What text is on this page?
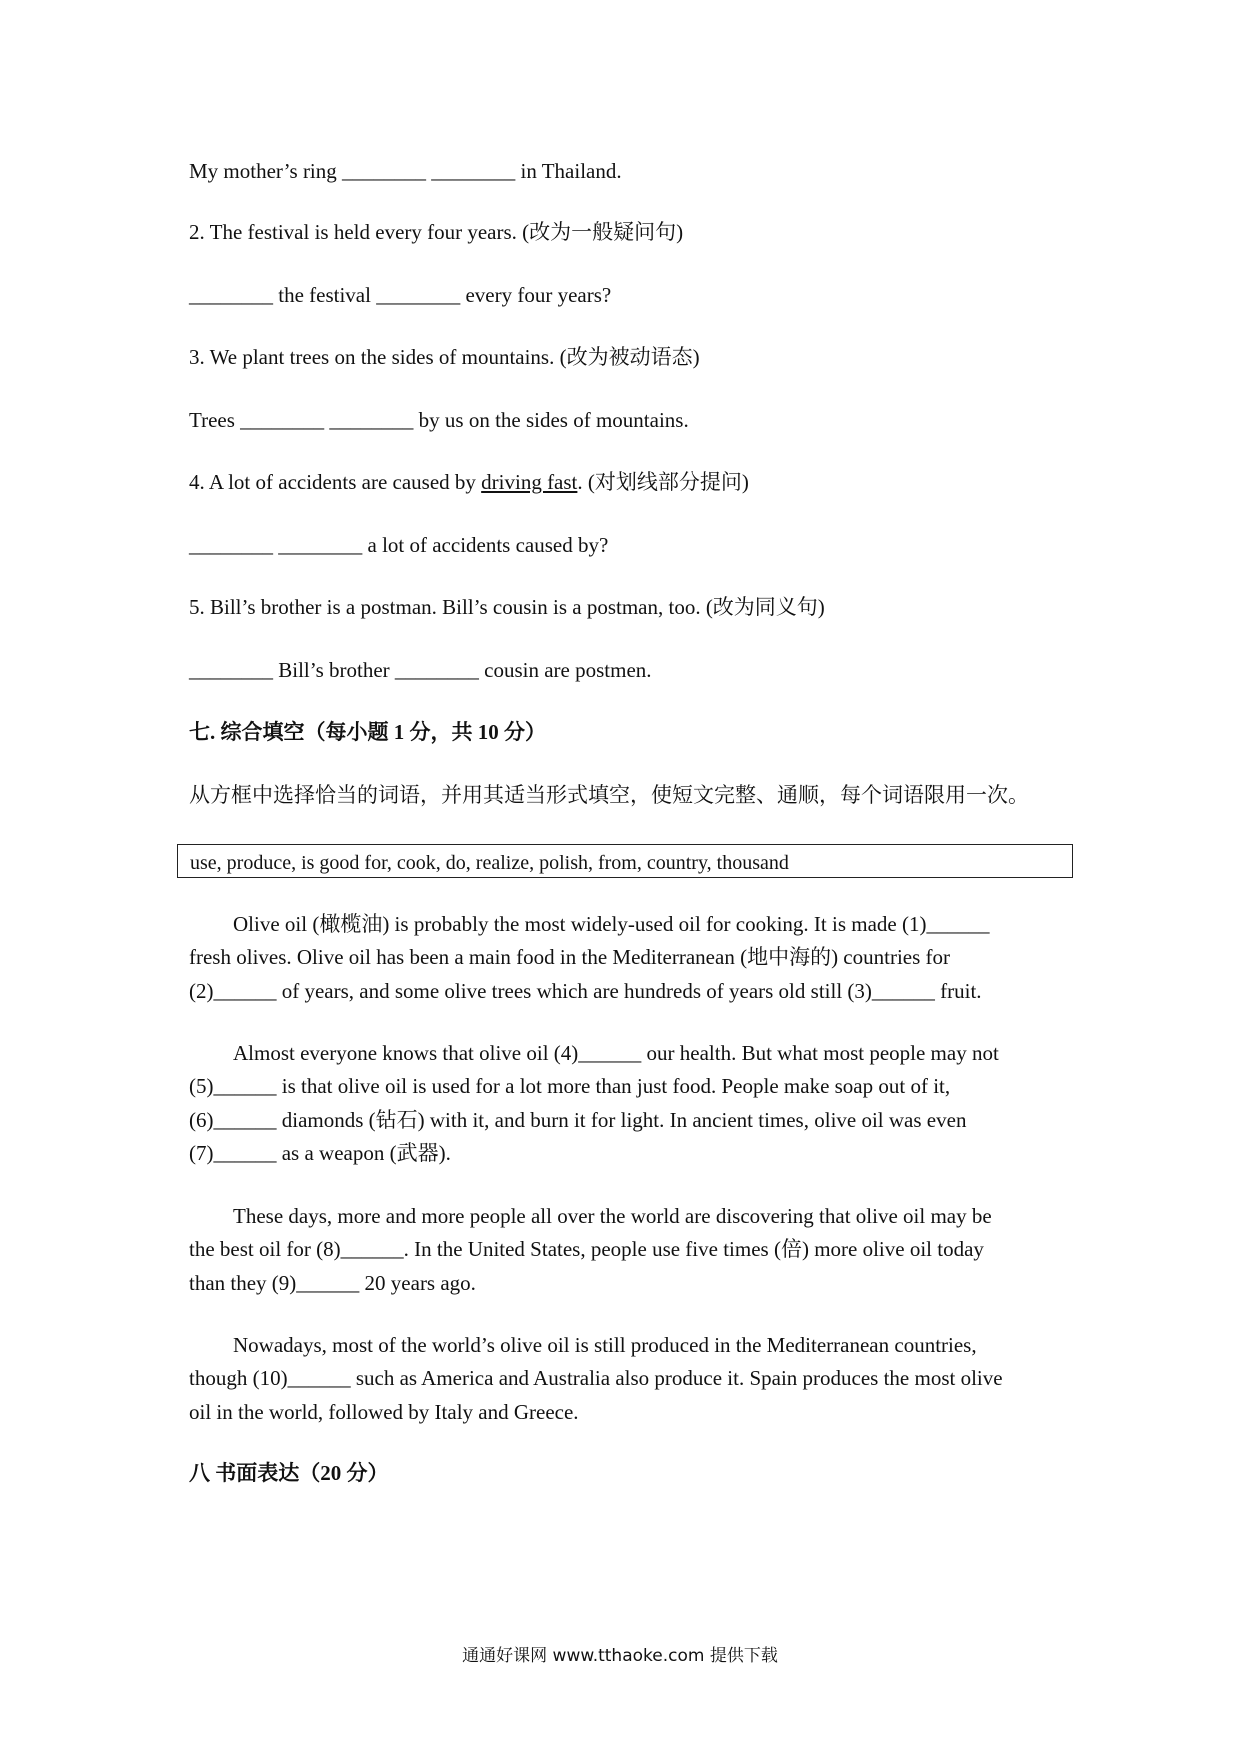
My mother’s ring ________ ________ in Thailand.
2. The festival is held every four years. (改为一般疑问句)
________ the festival ________ every four years?
3. We plant trees on the sides of mountains. (改为被动语态)
Trees ________ ________ by us on the sides of mountains.
4. A lot of accidents are caused by driving fast. (对划线部分提问)
________ ________ a lot of accidents caused by?
5. Bill’s brother is a postman. Bill’s cousin is a postman, too. (改为同义句)
________ Bill’s brother ________ cousin are postmen.
七. 综合填空（每小题 1 分，共 10 分）
从方框中选择恰当的词语，并用其适当形式填空，使短文完整、通顺，每个词语限用一次。
use, produce, is good for, cook, do, realize, polish, from, country, thousand
Olive oil (橄榄油) is probably the most widely-used oil for cooking. It is made (1)______
fresh olives. Olive oil has been a main food in the Mediterranean (地中海的) countries for
(2)______ of years, and some olive trees which are hundreds of years old still (3)______ fruit.
Almost everyone knows that olive oil (4)______ our health. But what most people may not
(5)______ is that olive oil is used for a lot more than just food. People make soap out of it,
(6)______ diamonds (钻石) with it, and burn it for light. In ancient times, olive oil was even
(7)______ as a weapon (武器).
These days, more and more people all over the world are discovering that olive oil may be
the best oil for (8)______. In the United States, people use five times (倍) more olive oil today
than they (9)______ 20 years ago.
Nowadays, most of the world’s olive oil is still produced in the Mediterranean countries,
though (10)______ such as America and Australia also produce it. Spain produces the most olive
oil in the world, followed by Italy and Greece.
八 书面表达（20 分）
通通好课网 www.tthaoke.com 提供下载
